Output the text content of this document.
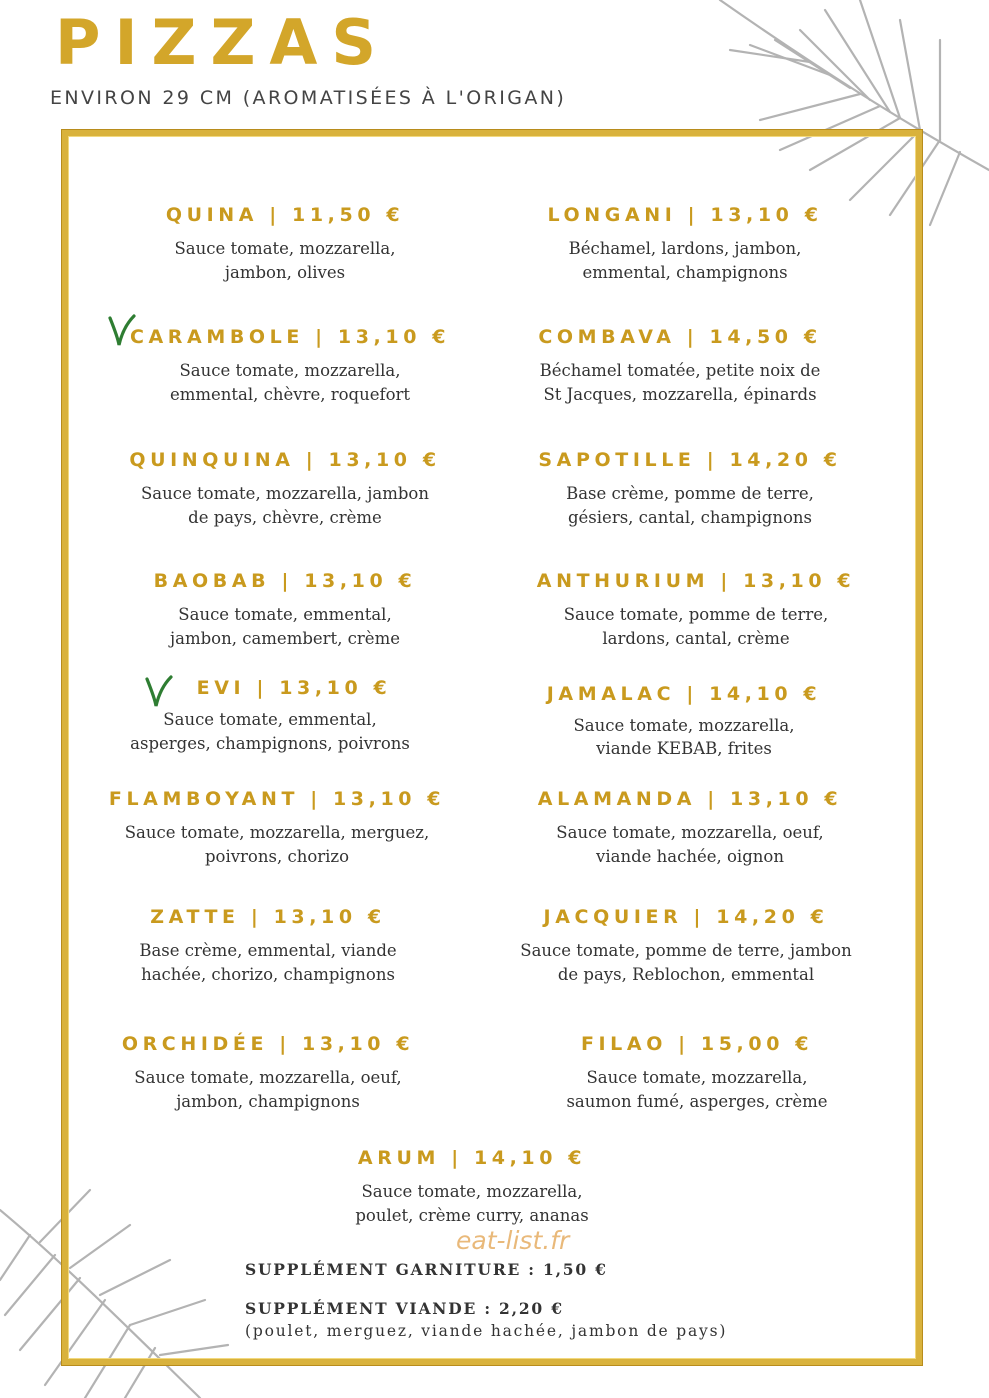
PIZZAS
ENVIRON 29 CM (AROMATISÉES À L'ORIGAN)
QUINA | 11,50 €
Sauce tomate, mozzarella,
jambon, olives
CARAMBOLE | 13,10 €
Sauce tomate, mozzarella,
emmental, chèvre, roquefort
QUINQUINA | 13,10 €
Sauce tomate, mozzarella, jambon
de pays, chèvre, crème
BAOBAB | 13,10 €
Sauce tomate, emmental,
jambon, camembert, crème
EVI | 13,10 €
Sauce tomate, emmental,
asperges, champignons, poivrons
FLAMBOYANT | 13,10 €
Sauce tomate, mozzarella, merguez,
poivrons, chorizo
ZATTE | 13,10 €
Base crème, emmental, viande
hachée, chorizo, champignons
ORCHIDÉE | 13,10 €
Sauce tomate, mozzarella, oeuf,
jambon, champignons
LONGANI | 13,10 €
Béchamel, lardons, jambon,
emmental, champignons
COMBAVA | 14,50 €
Béchamel tomatée, petite noix de
St Jacques, mozzarella, épinards
SAPOTILLE | 14,20 €
Base crème, pomme de terre,
gésiers, cantal, champignons
ANTHURIUM | 13,10 €
Sauce tomate, pomme de terre,
lardons, cantal, crème
JAMALAC | 14,10 €
Sauce tomate, mozzarella,
viande KEBAB, frites
ALAMANDA | 13,10 €
Sauce tomate, mozzarella, oeuf,
viande hachée, oignon
JACQUIER | 14,20 €
Sauce tomate, pomme de terre, jambon
de pays, Reblochon, emmental
FILAO | 15,00 €
Sauce tomate, mozzarella,
saumon fumé, asperges, crème
ARUM | 14,10 €
Sauce tomate, mozzarella,
poulet, crème curry, ananas
eat-list.fr
SUPPLÉMENT GARNITURE : 1,50 €
SUPPLÉMENT VIANDE : 2,20 €
(poulet, merguez, viande hachée, jambon de pays)
